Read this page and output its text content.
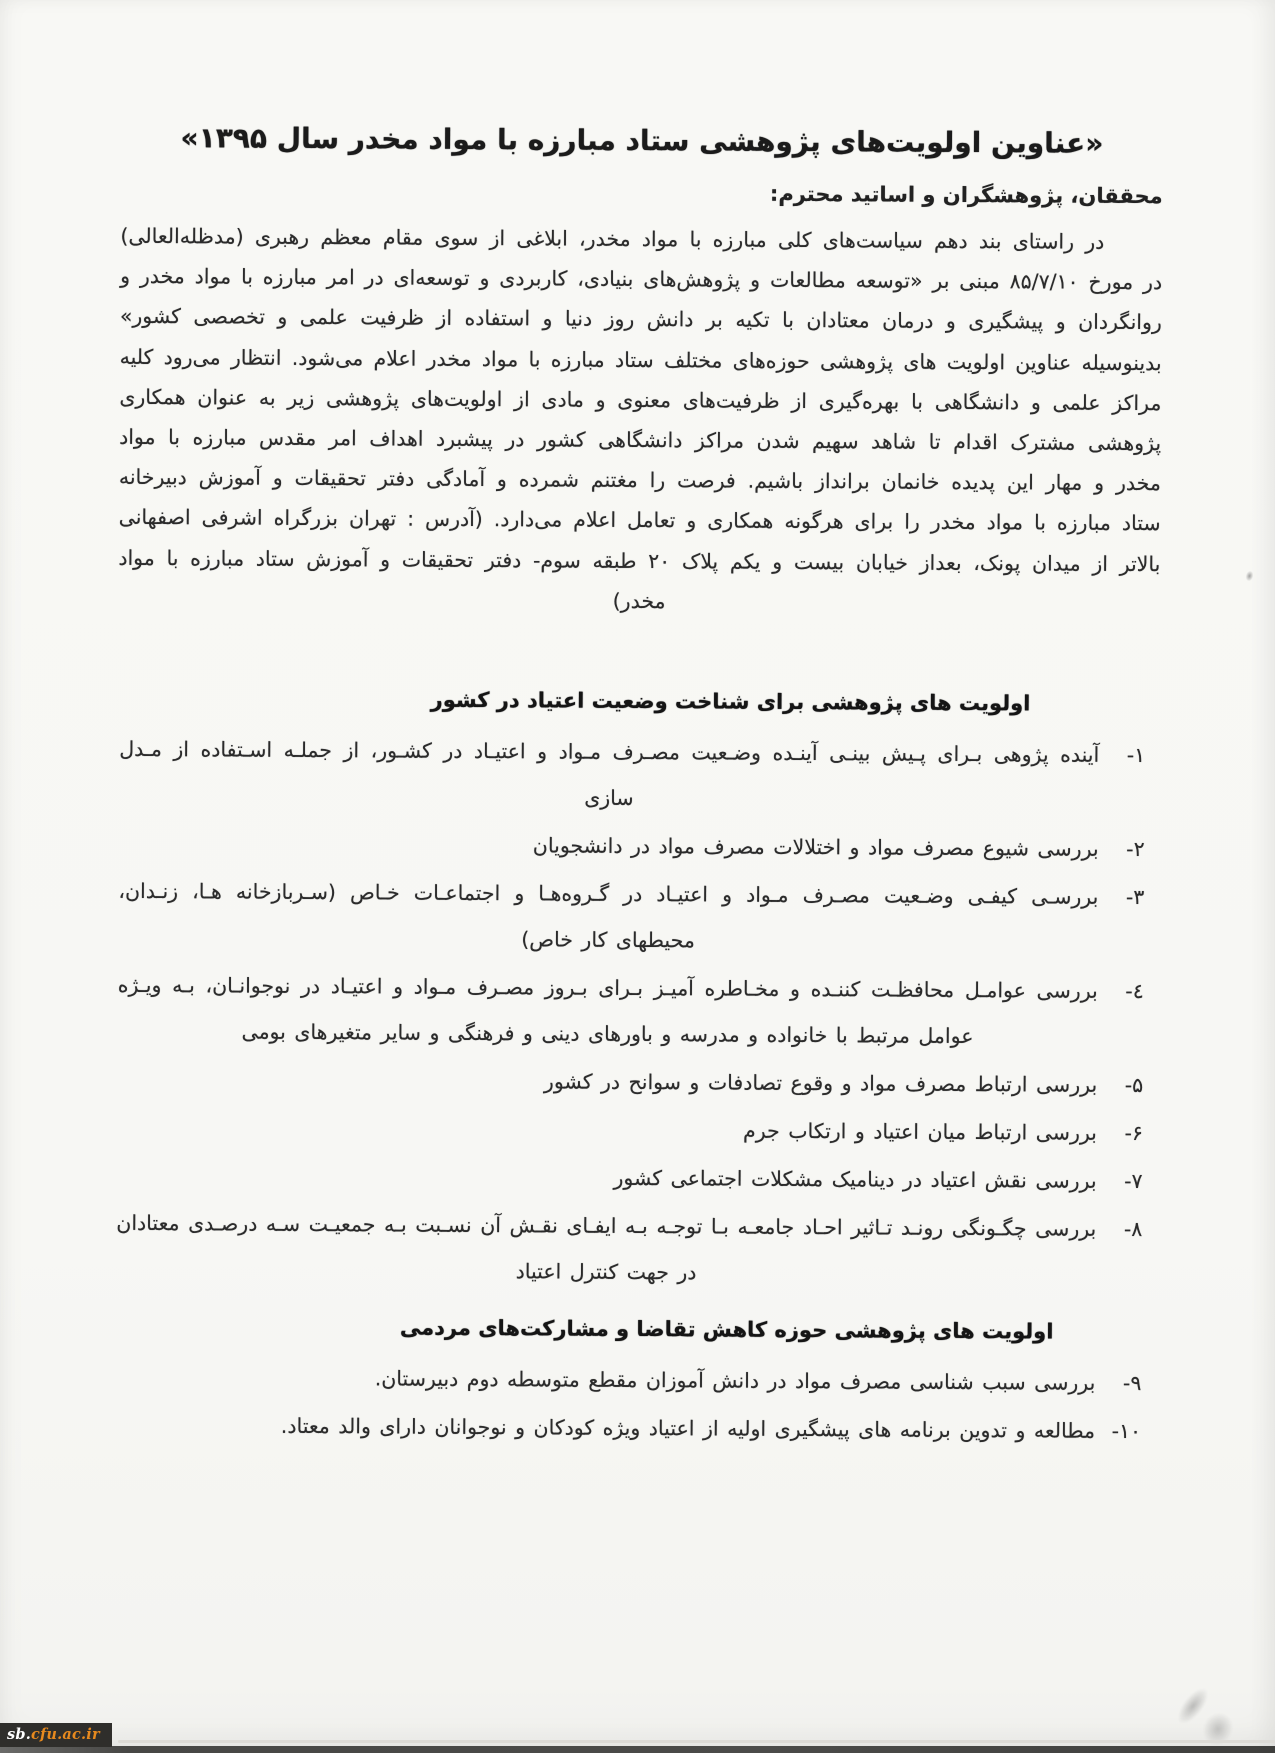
«عناوین اولویت‌های پژوهشی ستاد مبارزه با مواد مخدر سال ۱۳۹۵»
محققان، پژوهشگران و اساتید محترم:
در راستای بند دهم سیاست‌های کلی مبارزه با مواد مخدر، ابلاغی از سوی مقام معظم رهبری (مدظله‌العالی) در مورخ ۸۵/۷/۱۰ مبنی بر «توسعه مطالعات و پژوهش‌های بنیادی، کاربردی و توسعه‌ای در امر مبارزه با مواد مخدر و روانگردان و پیشگیری و درمان معتادان با تکیه بر دانش روز دنیا و استفاده از ظرفیت علمی و تخصصی کشور» بدینوسیله عناوین اولویت های پژوهشی حوزه‌های مختلف ستاد مبارزه با مواد مخدر اعلام می‌شود. انتظار می‌رود کلیه مراکز علمی و دانشگاهی با بهره‌گیری از ظرفیت‌های معنوی و مادی از اولویت‌های پژوهشی زیر به عنوان همکاری پژوهشی مشترک اقدام تا شاهد سهیم شدن مراکز دانشگاهی کشور در پیشبرد اهداف امر مقدس مبارزه با مواد مخدر و مهار این پدیده خانمان برانداز باشیم. فرصت را مغتنم شمرده و آمادگی دفتر تحقیقات و آموزش دبیرخانه ستاد مبارزه با مواد مخدر را برای هرگونه همکاری و تعامل اعلام می‌دارد. (آدرس : تهران بزرگراه اشرفی اصفهانی بالاتر از میدان پونک، بعداز خیابان بیست و یکم پلاک ۲۰ طبقه سوم- دفتر تحقیقات و آموزش ستاد مبارزه با مواد مخدر)
اولویت های پژوهشی برای شناخت وضعیت اعتیاد در کشور
۱-
آینده پژوهی بـرای پـیش بینـی آینـده وضـعیت مصـرف مـواد و اعتیـاد در کشـور، از جملـه اسـتفاده از مـدل سازی
۲-
بررسی شیوع مصرف مواد و اختلالات مصرف مواد در دانشجویان
۳-
بررسـی کیفـی وضـعیت مصـرف مـواد و اعتیـاد در گـروه‌هـا و اجتماعـات خـاص (سـربازخانه هـا، زنـدان، محیطهای کار خاص)
٤-
بررسی عوامـل محافظـت کننـده و مخـاطره آمیـز بـرای بـروز مصـرف مـواد و اعتیـاد در نوجوانـان، بـه ویـژه عوامل مرتبط با خانواده و مدرسه و باورهای دینی و فرهنگی و سایر متغیرهای بومی
۵-
بررسی ارتباط مصرف مواد و وقوع تصادفات و سوانح در کشور
۶-
بررسی ارتباط میان اعتیاد و ارتکاب جرم
۷-
بررسی نقش اعتیاد در دینامیک مشکلات اجتماعی کشور
۸-
بررسی چگـونگی رونـد تـاثیر احـاد جامعـه بـا توجـه بـه ایفـای نقـش آن نسـبت بـه جمعیـت سـه درصـدی معتادان در جهت کنترل اعتیاد
اولویت های پژوهشی حوزه کاهش تقاضا و مشارکت‌های مردمی
۹-
بررسی سبب شناسی مصرف مواد در دانش آموزان مقطع متوسطه دوم دبیرستان.
۱۰-
مطالعه و تدوین برنامه های پیشگیری اولیه از اعتیاد ویژه کودکان و نوجوانان دارای والد معتاد.
sb. cfu.ac.ir
